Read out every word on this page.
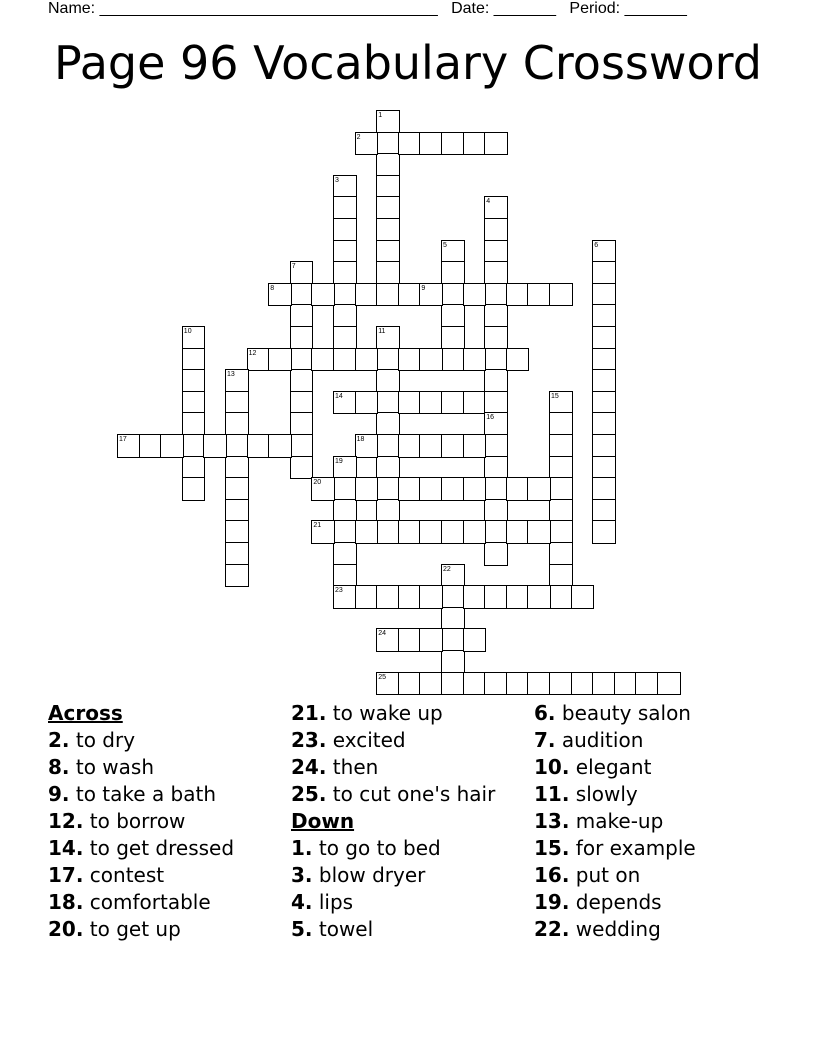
Name: ______________________________________ Date: _______ Period: _______
Page 96 Vocabulary Crossword
1
2
3
4
5	6
7
8	9
10	11
12
13
14	15
16
17	18
19
20
21
22
23
24
25
Across
2. to dry
8. to wash
9. to take a bath
12. to borrow
14. to get dressed
17. contest
18. comfortable
20. to get up
21. to wake up
23. excited
24. then
25. to cut one's hair
Down
1. to go to bed
3. blow dryer
4. lips
5. towel
6. beauty salon
7. audition
10. elegant
11. slowly
13. make-up
15. for example
16. put on
19. depends
22. wedding
